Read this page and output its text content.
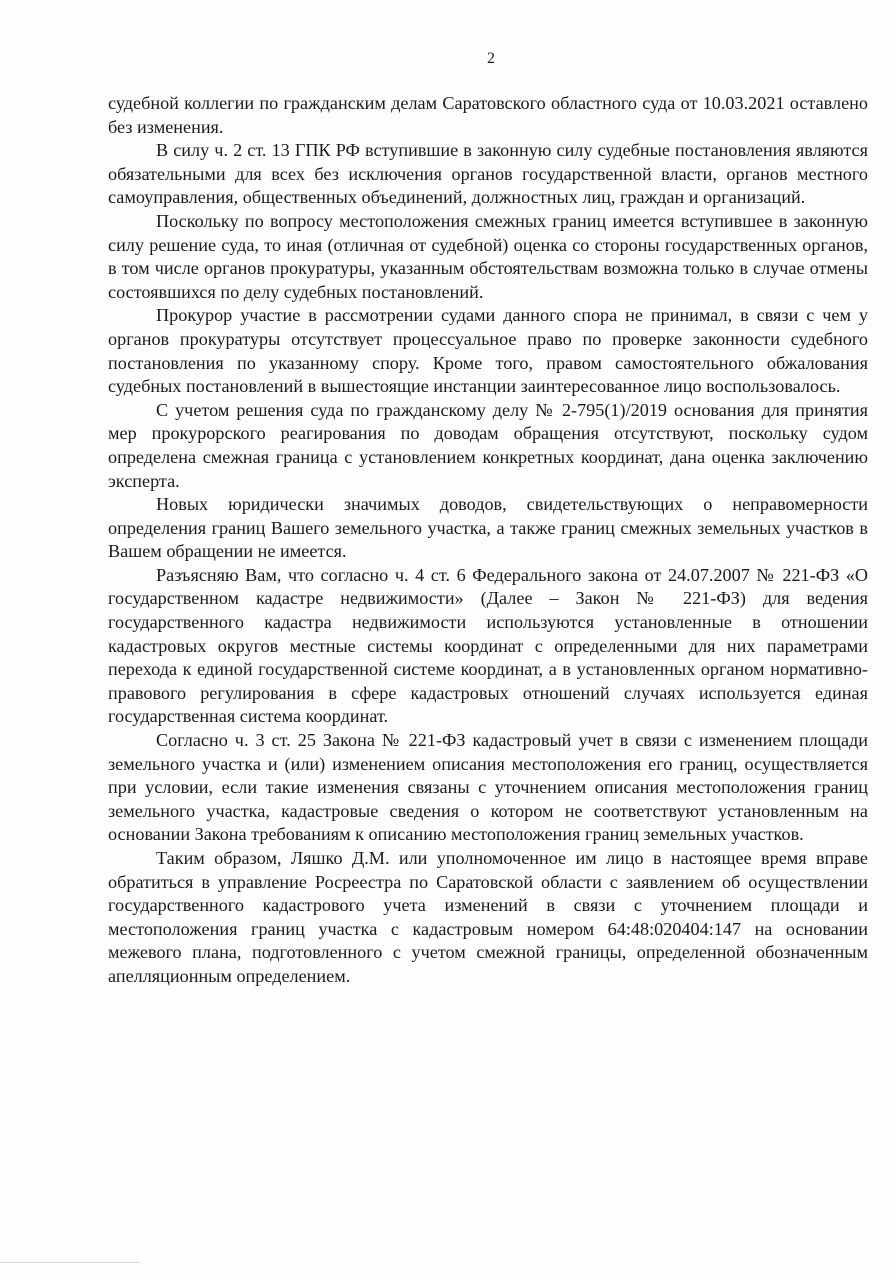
2

судебной коллегии по гражданским делам Саратовского областного суда от 10.03.2021 оставлено без изменения.

В силу ч. 2 ст. 13 ГПК РФ вступившие в законную силу судебные постановления являются обязательными для всех без исключения органов государственной власти, органов местного самоуправления, общественных объединений, должностных лиц, граждан и организаций.

Поскольку по вопросу местоположения смежных границ имеется вступившее в законную силу решение суда, то иная (отличная от судебной) оценка со стороны государственных органов, в том числе органов прокуратуры, указанным обстоятельствам возможна только в случае отмены состоявшихся по делу судебных постановлений.

Прокурор участие в рассмотрении судами данного спора не принимал, в связи с чем у органов прокуратуры отсутствует процессуальное право по проверке законности судебного постановления по указанному спору. Кроме того, правом самостоятельного обжалования судебных постановлений в вышестоящие инстанции заинтересованное лицо воспользовалось.

С учетом решения суда по гражданскому делу № 2-795(1)/2019 основания для принятия мер прокурорского реагирования по доводам обращения отсутствуют, поскольку судом определена смежная граница с установлением конкретных координат, дана оценка заключению эксперта.

Новых юридически значимых доводов, свидетельствующих о неправомерности определения границ Вашего земельного участка, а также границ смежных земельных участков в Вашем обращении не имеется.

Разъясняю Вам, что согласно ч. 4 ст. 6 Федерального закона от 24.07.2007 № 221-ФЗ «О государственном кадастре недвижимости» (Далее – Закон № 221-ФЗ) для ведения государственного кадастра недвижимости используются установленные в отношении кадастровых округов местные системы координат с определенными для них параметрами перехода к единой государственной системе координат, а в установленных органом нормативно-правового регулирования в сфере кадастровых отношений случаях используется единая государственная система координат.

Согласно ч. 3 ст. 25 Закона № 221-ФЗ кадастровый учет в связи с изменением площади земельного участка и (или) изменением описания местоположения его границ, осуществляется при условии, если такие изменения связаны с уточнением описания местоположения границ земельного участка, кадастровые сведения о котором не соответствуют установленным на основании Закона требованиям к описанию местоположения границ земельных участков.

Таким образом, Ляшко Д.М. или уполномоченное им лицо в настоящее время вправе обратиться в управление Росреестра по Саратовской области с заявлением об осуществлении государственного кадастрового учета изменений в связи с уточнением площади и местоположения границ участка с кадастровым номером 64:48:020404:147 на основании межевого плана, подготовленного с учетом смежной границы, определенной обозначенным апелляционным определением.
